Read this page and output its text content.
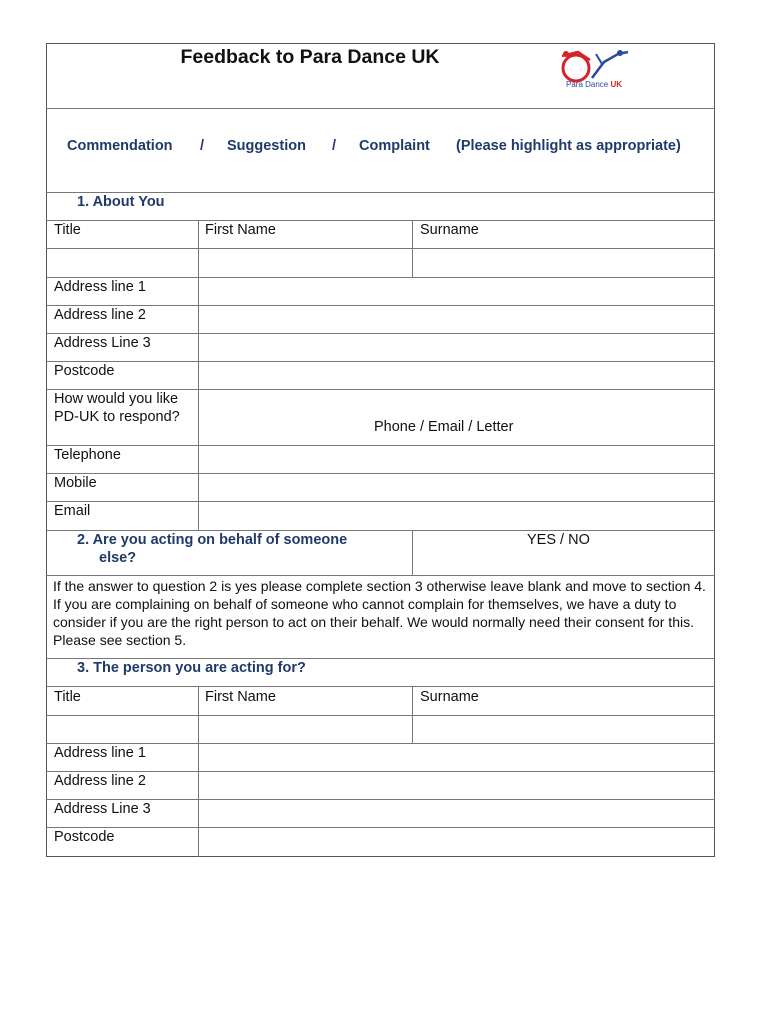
Feedback to Para Dance UK
Para Dance UK
Commendation / Suggestion / Complaint (Please highlight as appropriate)
1. About You
Title	First Name	Surname
Address line 1
Address line 2
Address Line 3
Postcode
How would you like
PD-UK to respond?
Phone / Email / Letter
Telephone
Mobile
Email
2. Are you acting on behalf of someone
else?
YES / NO
If the answer to question 2 is yes please complete section 3 otherwise leave blank and move to section 4. If you are complaining on behalf of someone who cannot complain for themselves, we have a duty to consider if you are the right person to act on their behalf. We would normally need their consent for this. Please see section 5.
3. The person you are acting for?
Title	First Name	Surname
Address line 1
Address line 2
Address Line 3
Postcode
